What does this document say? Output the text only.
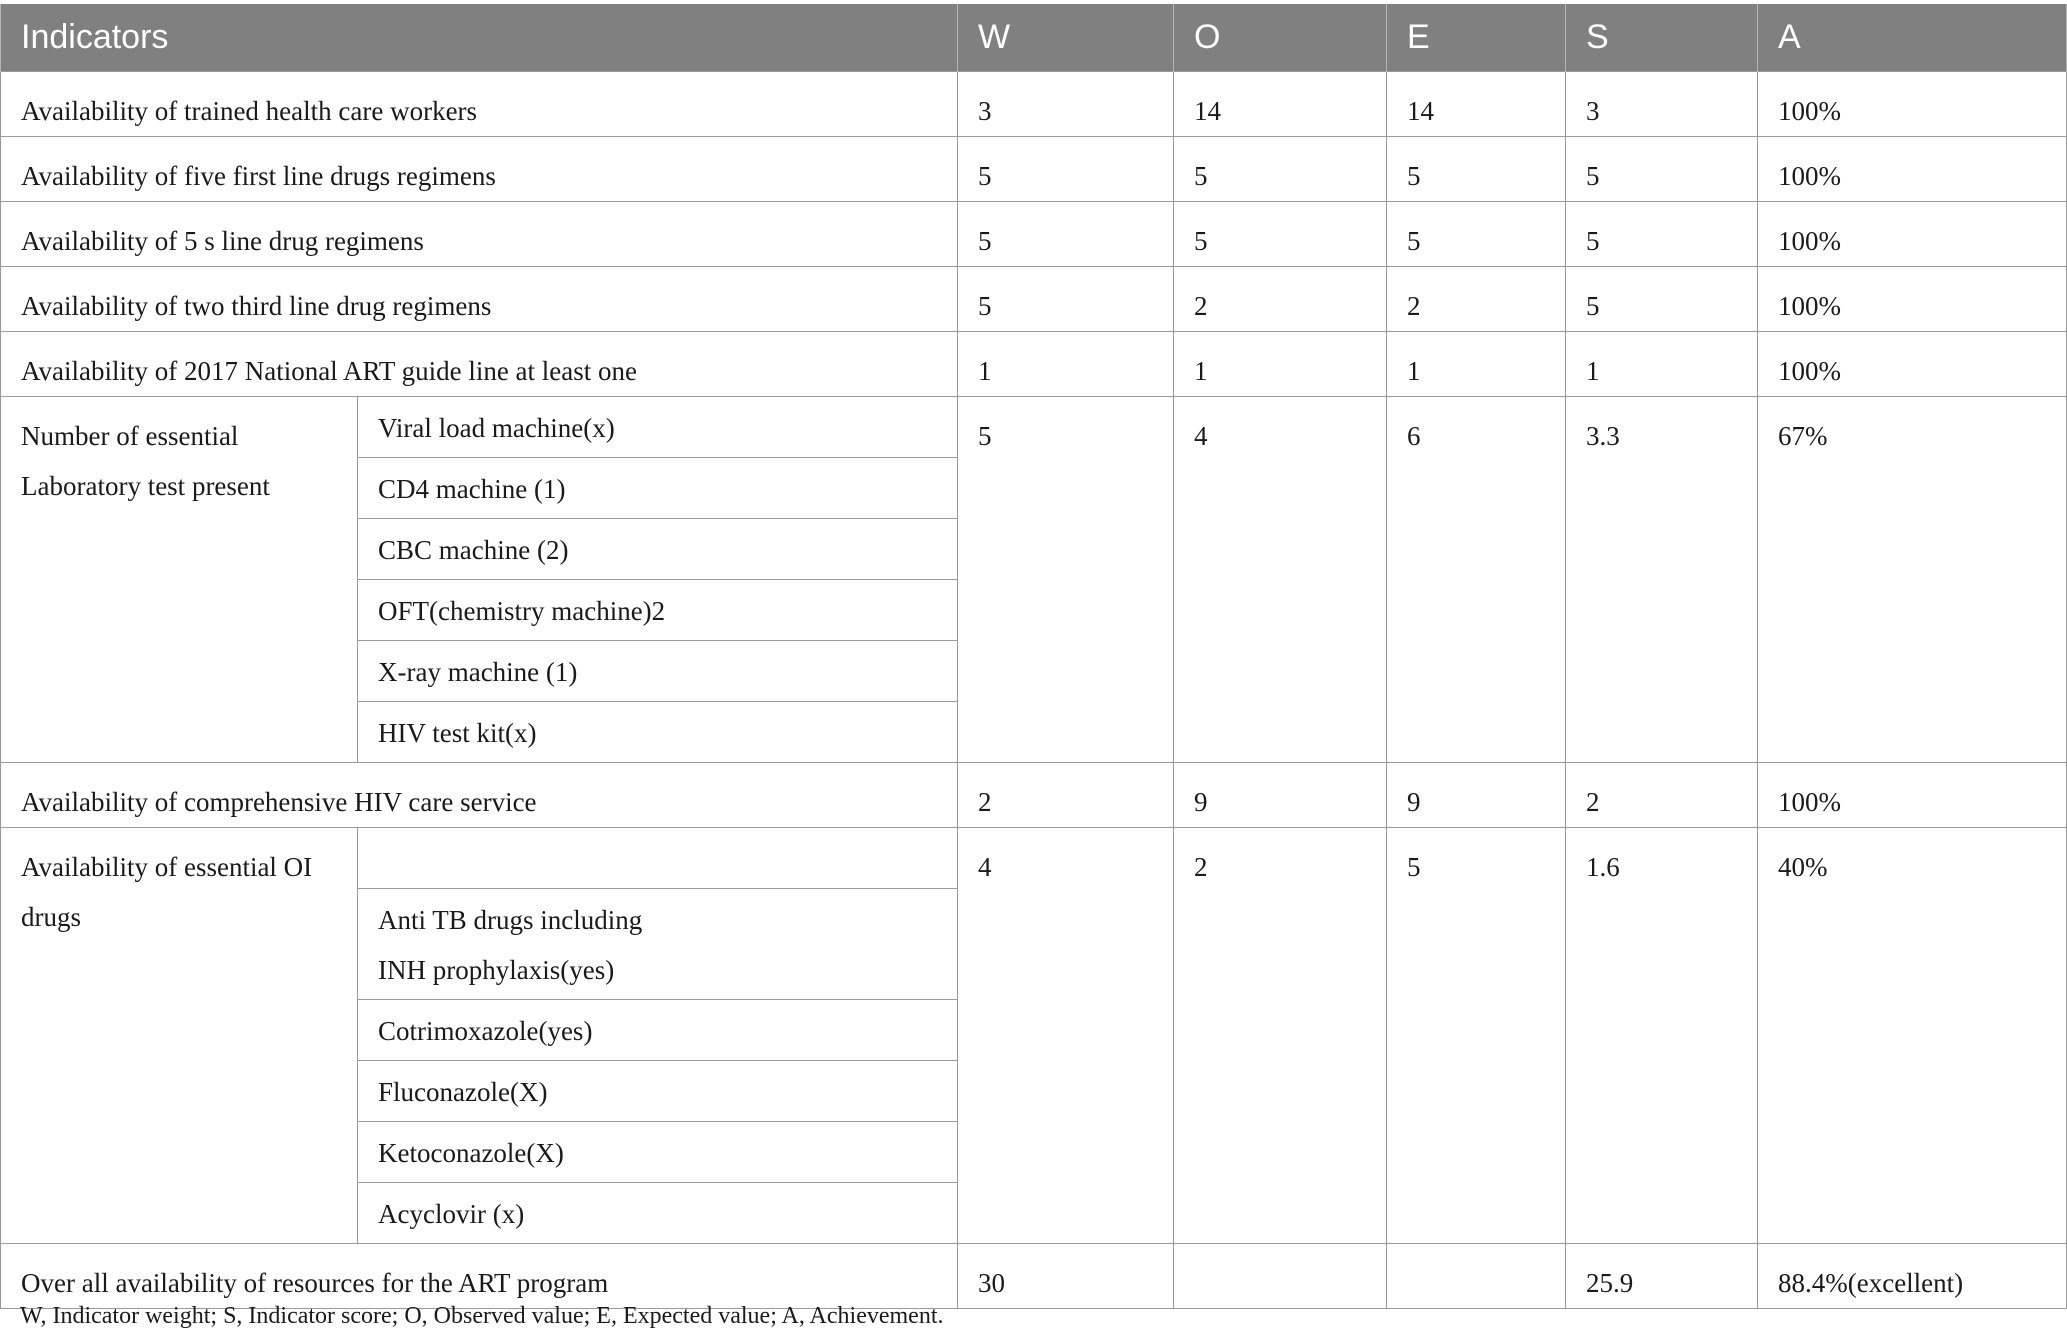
Indicators		W	O	E	S	A
Availability of trained health care workers		3	14	14	3	100%
Availability of five first line drugs regimens		5	5	5	5	100%
Availability of 5 s line drug regimens		5	5	5	5	100%
Availability of two third line drug regimens		5	2	2	5	100%
Availability of 2017 National ART guide line at least one		1	1	1	1	100%
Number of essential
Laboratory test present	Viral load machine(x)	5	4	6	3.3	67%
	CD4 machine (1)					
	CBC machine (2)					
	OFT(chemistry machine)2					
	X-ray machine (1)					
	HIV test kit(x)					
Availability of comprehensive HIV care service		2	9	9	2	100%
Availability of essential OI
drugs		4	2	5	1.6	40%
	Anti TB drugs including
INH prophylaxis(yes)					
	Cotrimoxazole(yes)					
	Fluconazole(X)					
	Ketoconazole(X)					
	Acyclovir (x)					
Over all availability of resources for the ART program		30			25.9	88.4%(excellent)
W, Indicator weight; S, Indicator score; O, Observed value; E, Expected value; A, Achievement.
